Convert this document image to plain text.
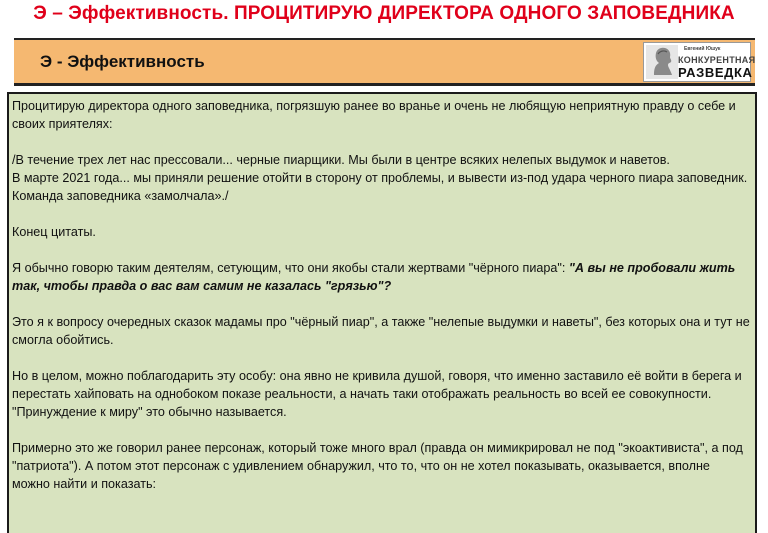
Э – Эффективность. ПРОЦИТИРУЮ ДИРЕКТОРА ОДНОГО ЗАПОВЕДНИКА
Э - Эффективность
Евгений Юшук
КОНКУРЕНТНАЯ
РАЗВЕДКА

Процитирую директора одного заповедника, погрязшую ранее во вранье и очень не любящую неприятную правду о себе и своих приятелях:

/В течение трех лет нас прессовали... черные пиарщики. Мы были в центре всяких нелепых выдумок и наветов.

В марте 2021 года... мы приняли решение отойти в сторону от проблемы, и вывести из-под удара черного пиара заповедник. Команда заповедника «замолчала»./

Конец цитаты.

Я обычно говорю таким деятелям, сетующим, что они якобы стали жертвами "чёрного пиара": "А вы не пробовали жить так, чтобы правда о вас вам самим не казалась "грязью"?

Это я к вопросу очередных сказок мадамы про "чёрный пиар", а также "нелепые выдумки и наветы", без которых она и тут не смогла обойтись.

Но в целом, можно поблагодарить эту особу: она явно не кривила душой, говоря, что именно заставило её войти в берега и перестать хайповать на однобоком показе реальности, а начать таки отображать реальность во всей ее совокупности.

"Принуждение к миру" это обычно называется.

Примерно это же говорил ранее персонаж, который тоже много врал (правда он мимикрировал не под "экоактивиста", а под "патриота"). А потом этот персонаж с удивлением обнаружил, что то, что он не хотел показывать, оказывается, вполне можно найти и показать:
